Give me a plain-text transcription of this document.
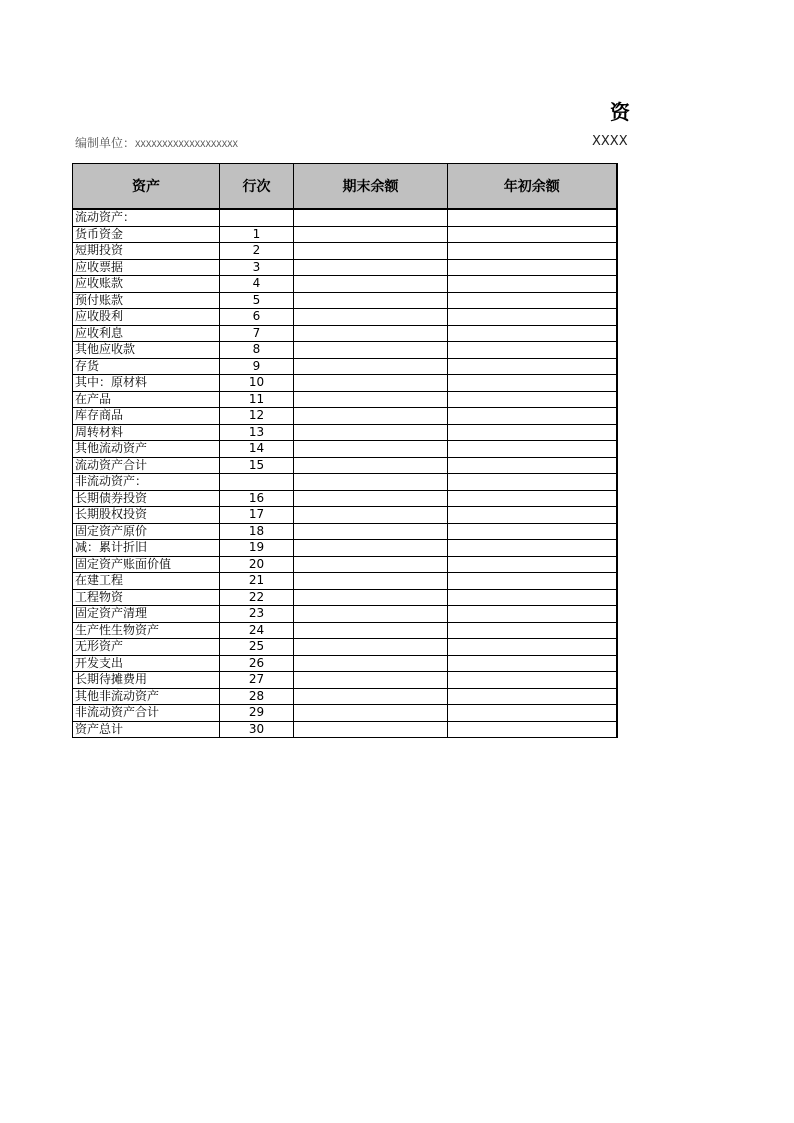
资
编制单位：XXXXXXXXXXXXXXXXXXX	XXXX
资产	行次	期末余额	年初余额
流动资产：			
货币资金	1		
短期投资	2		
应收票据	3		
应收账款	4		
预付账款	5		
应收股利	6		
应收利息	7		
其他应收款	8		
存货	9		
其中：原材料	10		
在产品	11		
库存商品	12		
周转材料	13		
其他流动资产	14		
流动资产合计	15		
非流动资产：			
长期债券投资	16		
长期股权投资	17		
固定资产原价	18		
减：累计折旧	19		
固定资产账面价值	20		
在建工程	21		
工程物资	22		
固定资产清理	23		
生产性生物资产	24		
无形资产	25		
开发支出	26		
长期待摊费用	27		
其他非流动资产	28		
非流动资产合计	29		
资产总计	30		
